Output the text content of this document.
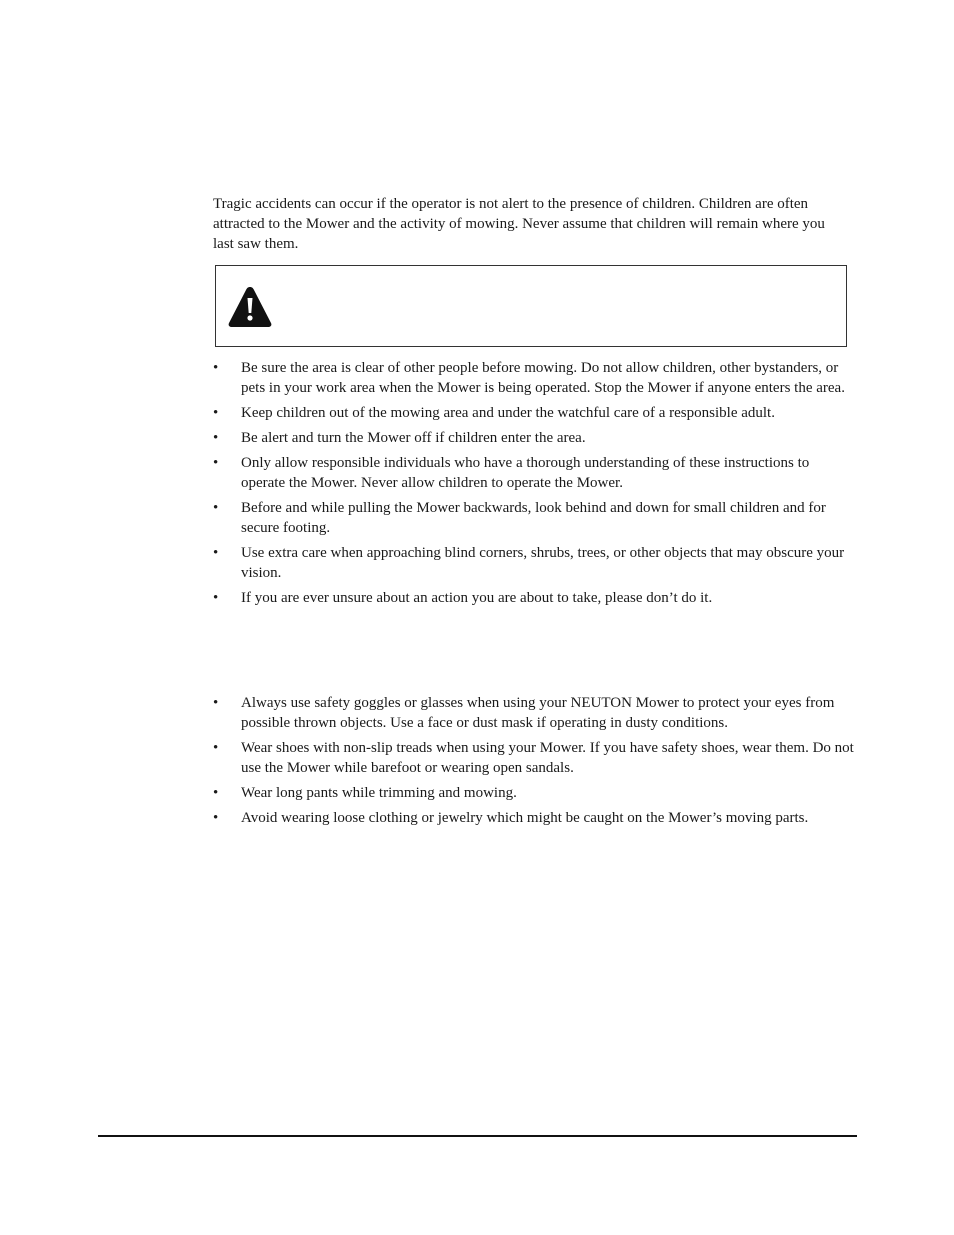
Tragic accidents can occur if the operator is not alert to the presence of children. Children are often attracted to the Mower and the activity of mowing. Never assume that children will remain where you last saw them.

• Be sure the area is clear of other people before mowing. Do not allow children, other bystanders, or pets in your work area when the Mower is being operated. Stop the Mower if anyone enters the area.
• Keep children out of the mowing area and under the watchful care of a responsible adult.
• Be alert and turn the Mower off if children enter the area.
• Only allow responsible individuals who have a thorough understanding of these instructions to operate the Mower. Never allow children to operate the Mower.
• Before and while pulling the Mower backwards, look behind and down for small children and for secure footing.
• Use extra care when approaching blind corners, shrubs, trees, or other objects that may obscure your vision.
• If you are ever unsure about an action you are about to take, please don’t do it.
• Always use safety goggles or glasses when using your NEUTON Mower to protect your eyes from possible thrown objects. Use a face or dust mask if operating in dusty conditions.
• Wear shoes with non-slip treads when using your Mower. If you have safety shoes, wear them. Do not use the Mower while barefoot or wearing open sandals.
• Wear long pants while trimming and mowing.
• Avoid wearing loose clothing or jewelry which might be caught on the Mower’s moving parts.
